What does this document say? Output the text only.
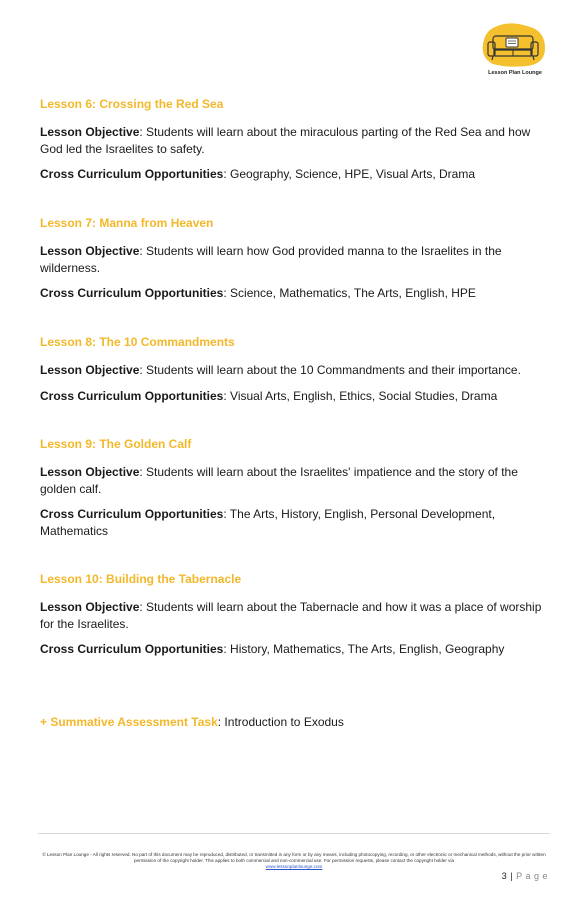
Lesson Plan Lounge

Lesson 6: Crossing the Red Sea

Lesson Objective: Students will learn about the miraculous parting of the Red Sea and how God led the Israelites to safety.

Cross Curriculum Opportunities: Geography, Science, HPE, Visual Arts, Drama

Lesson 7: Manna from Heaven

Lesson Objective: Students will learn how God provided manna to the Israelites in the wilderness.

Cross Curriculum Opportunities: Science, Mathematics, The Arts, English, HPE

Lesson 8: The 10 Commandments

Lesson Objective: Students will learn about the 10 Commandments and their importance.

Cross Curriculum Opportunities: Visual Arts, English, Ethics, Social Studies, Drama

Lesson 9: The Golden Calf

Lesson Objective: Students will learn about the Israelites' impatience and the story of the golden calf.

Cross Curriculum Opportunities: The Arts, History, English, Personal Development, Mathematics

Lesson 10: Building the Tabernacle

Lesson Objective: Students will learn about the Tabernacle and how it was a place of worship for the Israelites.

Cross Curriculum Opportunities: History, Mathematics, The Arts, English, Geography

+ Summative Assessment Task: Introduction to Exodus
© Lesson Plan Lounge - All rights reserved. No part of this document may be reproduced, distributed, or transmitted in any form or by any means, including photocopying, recording, or other electronic or mechanical methods, without the prior written permission of the copyright holder. This applies to both commercial and non-commercial use. For permission requests, please contact the copyright holder via
www.lessonplanlounge.com
3 | P a g e
